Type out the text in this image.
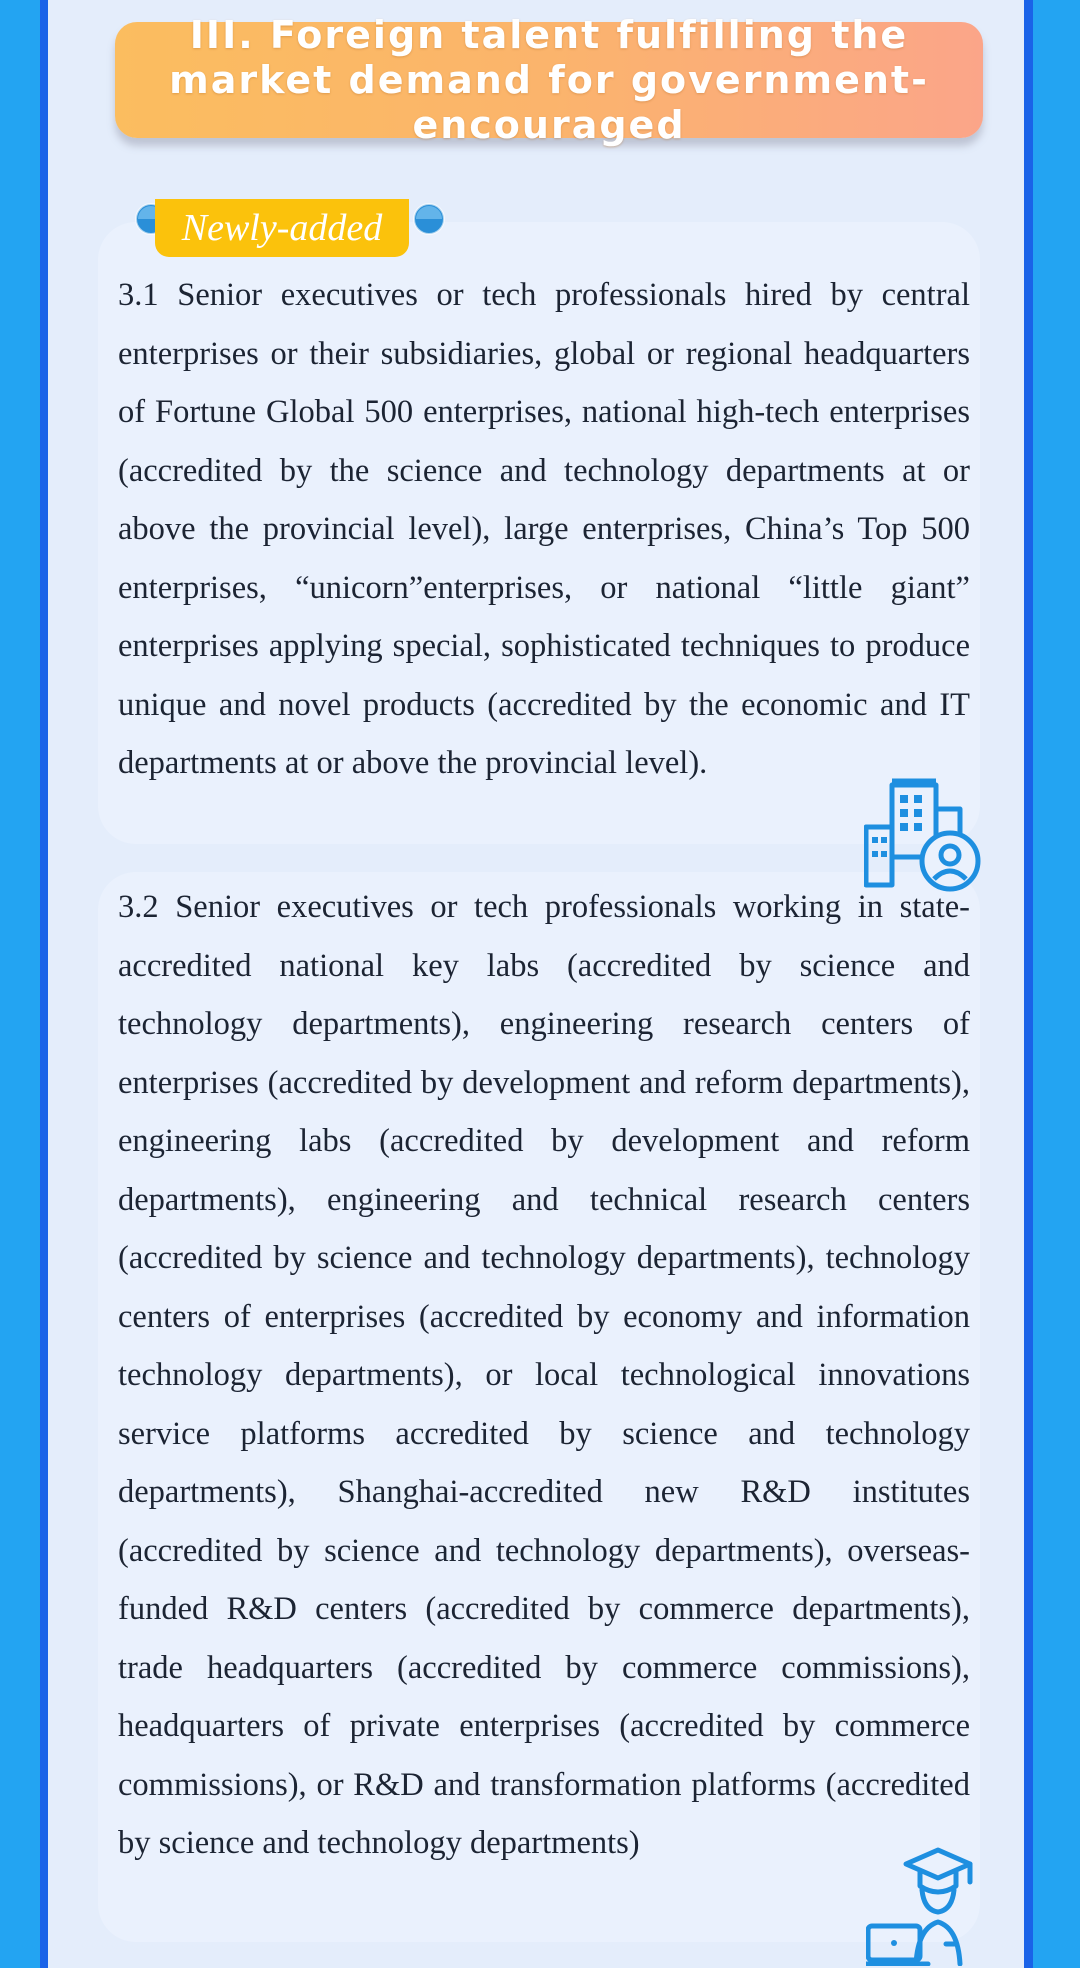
III. Foreign talent fulfilling the market demand for government-encouraged

3.1 Senior executives or tech professionals hired by central enterprises or their subsidiaries, global or regional headquarters of Fortune Global 500 enterprises, national high-tech enterprises (accredited by the science and technology departments at or above the provincial level), large enterprises, China’s Top 500 enterprises, “unicorn”enterprises, or national “little giant” enterprises applying special, sophisticated techniques to produce unique and novel products (accredited by the economic and IT departments at or above the provincial level).

3.2 Senior executives or tech professionals working in state-accredited national key labs (accredited by science and technology departments), engineering research centers of enterprises (accredited by development and reform departments), engineering labs (accredited by development and reform departments), engineering and technical research centers (accredited by science and technology departments), technology centers of enterprises (accredited by economy and information technology departments), or local technological innovations service platforms accredited by science and technology departments), Shanghai-accredited new R&D institutes (accredited by science and technology departments), overseas-funded R&D centers (accredited by commerce departments), trade headquarters (accredited by commerce commissions), headquarters of private enterprises (accredited by commerce commissions), or R&D and transformation platforms (accredited by science and technology departments)

Newly-added
